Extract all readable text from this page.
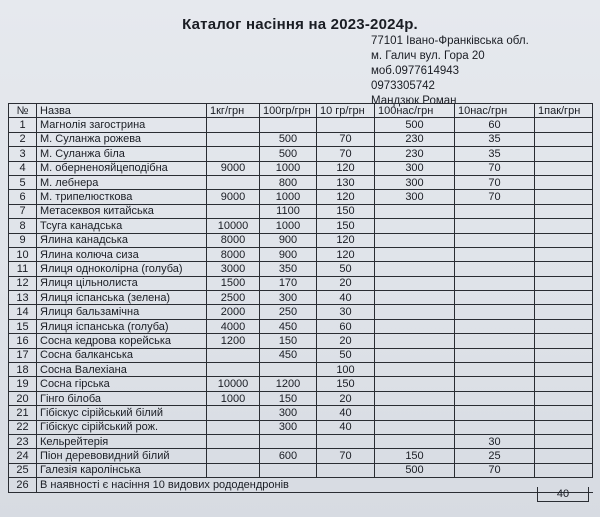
Каталог насіння на 2023-2024р.
77101 Івано-Франківська обл.
м. Галич вул. Гора 20
моб.0977614943
0973305742
Мандзюк Роман
№	Назва	1кг/грн	100гр/грн	10 гр/грн	100нас/грн	10нас/грн	1пак/грн
1	Магнолія загострина				500	60	
2	М. Суланжа рожева		500	70	230	35	
3	М. Суланжа біла		500	70	230	35	
4	М. оберненояйцеподібна	9000	1000	120	300	70	
5	М. лебнера		800	130	300	70	
6	М. трипелюсткова	9000	1000	120	300	70	
7	Метасеквоя китайська		1100	150			
8	Тсуга канадська	10000	1000	150			
9	Ялина канадська	8000	900	120			
10	Ялина колюча сиза	8000	900	120			
11	Ялиця одноколірна (голуба)	3000	350	50			
12	Ялиця цільнолиста	1500	170	20			
13	Ялиця іспанська (зелена)	2500	300	40			
14	Ялиця бальзамічна	2000	250	30			
15	Ялиця іспанська (голуба)	4000	450	60			
16	Сосна кедрова корейська	1200	150	20			
17	Сосна балканська		450	50			
18	Сосна Валехіана			100			
19	Сосна гірська	10000	1200	150			
20	Гінго білоба	1000	150	20			
21	Гібіскус сірійський білий		300	40			
22	Гібіскус сірійський рож.		300	40			
23	Кельрейтерія					30	
24	Піон деревовидний білий		600	70	150	25	
25	Галезія каролінська				500	70	
26	В наявності є насіння 10 видових рододендронів						
40
